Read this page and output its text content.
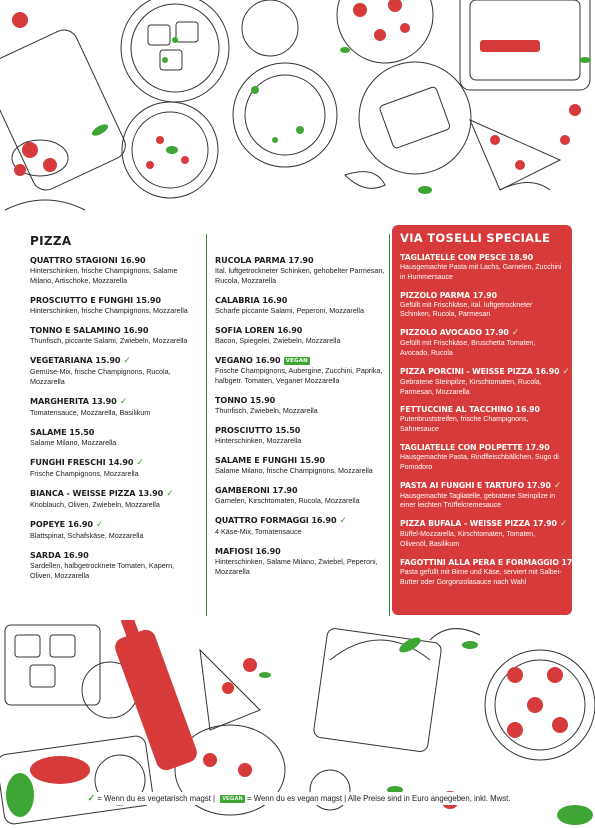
PIZZA
QUATTRO STAGIONI 16.90
Hinterschinken, frische Champignons, Salame Milano, Artischoke, Mozzarella
PROSCIUTTO E FUNGHI 15.90
Hinterschinken, frische Champignons, Mozzarella
TONNO E SALAMINO 16.90
Thunfisch, piccante Salami, Zwiebeln, Mozzarella
VEGETARIANA 15.90 ✓
Gemüse-Mix, frische Champignons, Rucola, Mozzarella
MARGHERITA 13.90 ✓
Tomatensauce, Mozzarella, Basilikum
SALAME 15.50
Salame Milano, Mozzarella
FUNGHI FRESCHI 14.90 ✓
Frische Champignons, Mozzarella
BIANCA - WEISSE PIZZA 13.90 ✓
Knoblauch, Oliven, Zwiebeln, Mozzarella
POPEYE 16.90 ✓
Blattspinat, Schafskäse, Mozzarella
SARDA 16.90
Sardellen, halbgetrocknete Tomaten, Kapern, Oliven, Mozzarella
RUCOLA PARMA 17.90
Ital. luftgetrockneter Schinken, gehobelter Parmesan, Rucola, Mozzarella
CALABRIA 16.90
Scharfe piccante Salami, Peperoni, Mozzarella
SOFIA LOREN 16.90
Bacon, Spiegelei, Zwiebeln, Mozzarella
VEGANO 16.90 VEGAN
Frische Champignons, Aubergine, Zucchini, Paprika, halbgetr. Tomaten, Veganer Mozzarella
TONNO 15.90
Thunfisch, Zwiebeln, Mozzarella
PROSCIUTTO 15.50
Hinterschinken, Mozzarella
SALAME E FUNGHI 15.90
Salame Milano, frische Champignons, Mozzarella
GAMBERONI 17.90
Garnelen, Kirschtomaten, Rucola, Mozzarella
QUATTRO FORMAGGI 16.90 ✓
4 Käse-Mix, Tomatensauce
MAFIOSI 16.90
Hinterschinken, Salame Milano, Zwiebel, Peperoni, Mozzarella
VIA TOSELLI SPECIALE
TAGLIATELLE CON PESCE 18.90
Hausgemachte Pasta mit Lachs, Garnelen, Zucchini in Hummersauce
PIZZOLO PARMA 17.90
Gefüllt mit Frischkäse, ital. luftgetrockneter Schinken, Rucola, Parmesan
PIZZOLO AVOCADO 17.90 ✓
Gefüllt mit Frischkäse, Bruschetta Tomaten, Avocado, Rucola
PIZZA PORCINI - WEISSE PIZZA 16.90 ✓
Gebratene Steinpilze, Kirschtomaten, Rucola, Parmesan, Mozzarella
FETTUCCINE AL TACCHINO 16.90
Putenbruststreifen, frische Champignons, Sahnesauce
TAGLIATELLE CON POLPETTE 17.90
Hausgemachte Pasta, Rindfleischbällchen, Sugo di Pomodoro
PASTA AI FUNGHI E TARTUFO 17.90 ✓
Hausgemachte Tagliatelle, gebratene Steinpilze in einer leichten Trüffelcremesauce
PIZZA BUFALA - WEISSE PIZZA 17.90 ✓
Büffel-Mozzarella, Kirschtomaten, Tomaten, Olivenöl, Basilikum
FAGOTTINI ALLA PERA E FORMAGGIO 17.90
Pasta gefüllt mit Birne und Käse, serviert mit Salbei-Butter oder Gorgonzolasauce nach Wahl
✓ = Wenn du es vegetarisch magst | VEGAN = Wenn du es vegan magst | Alle Preise sind in Euro angegeben, inkl. Mwst.
